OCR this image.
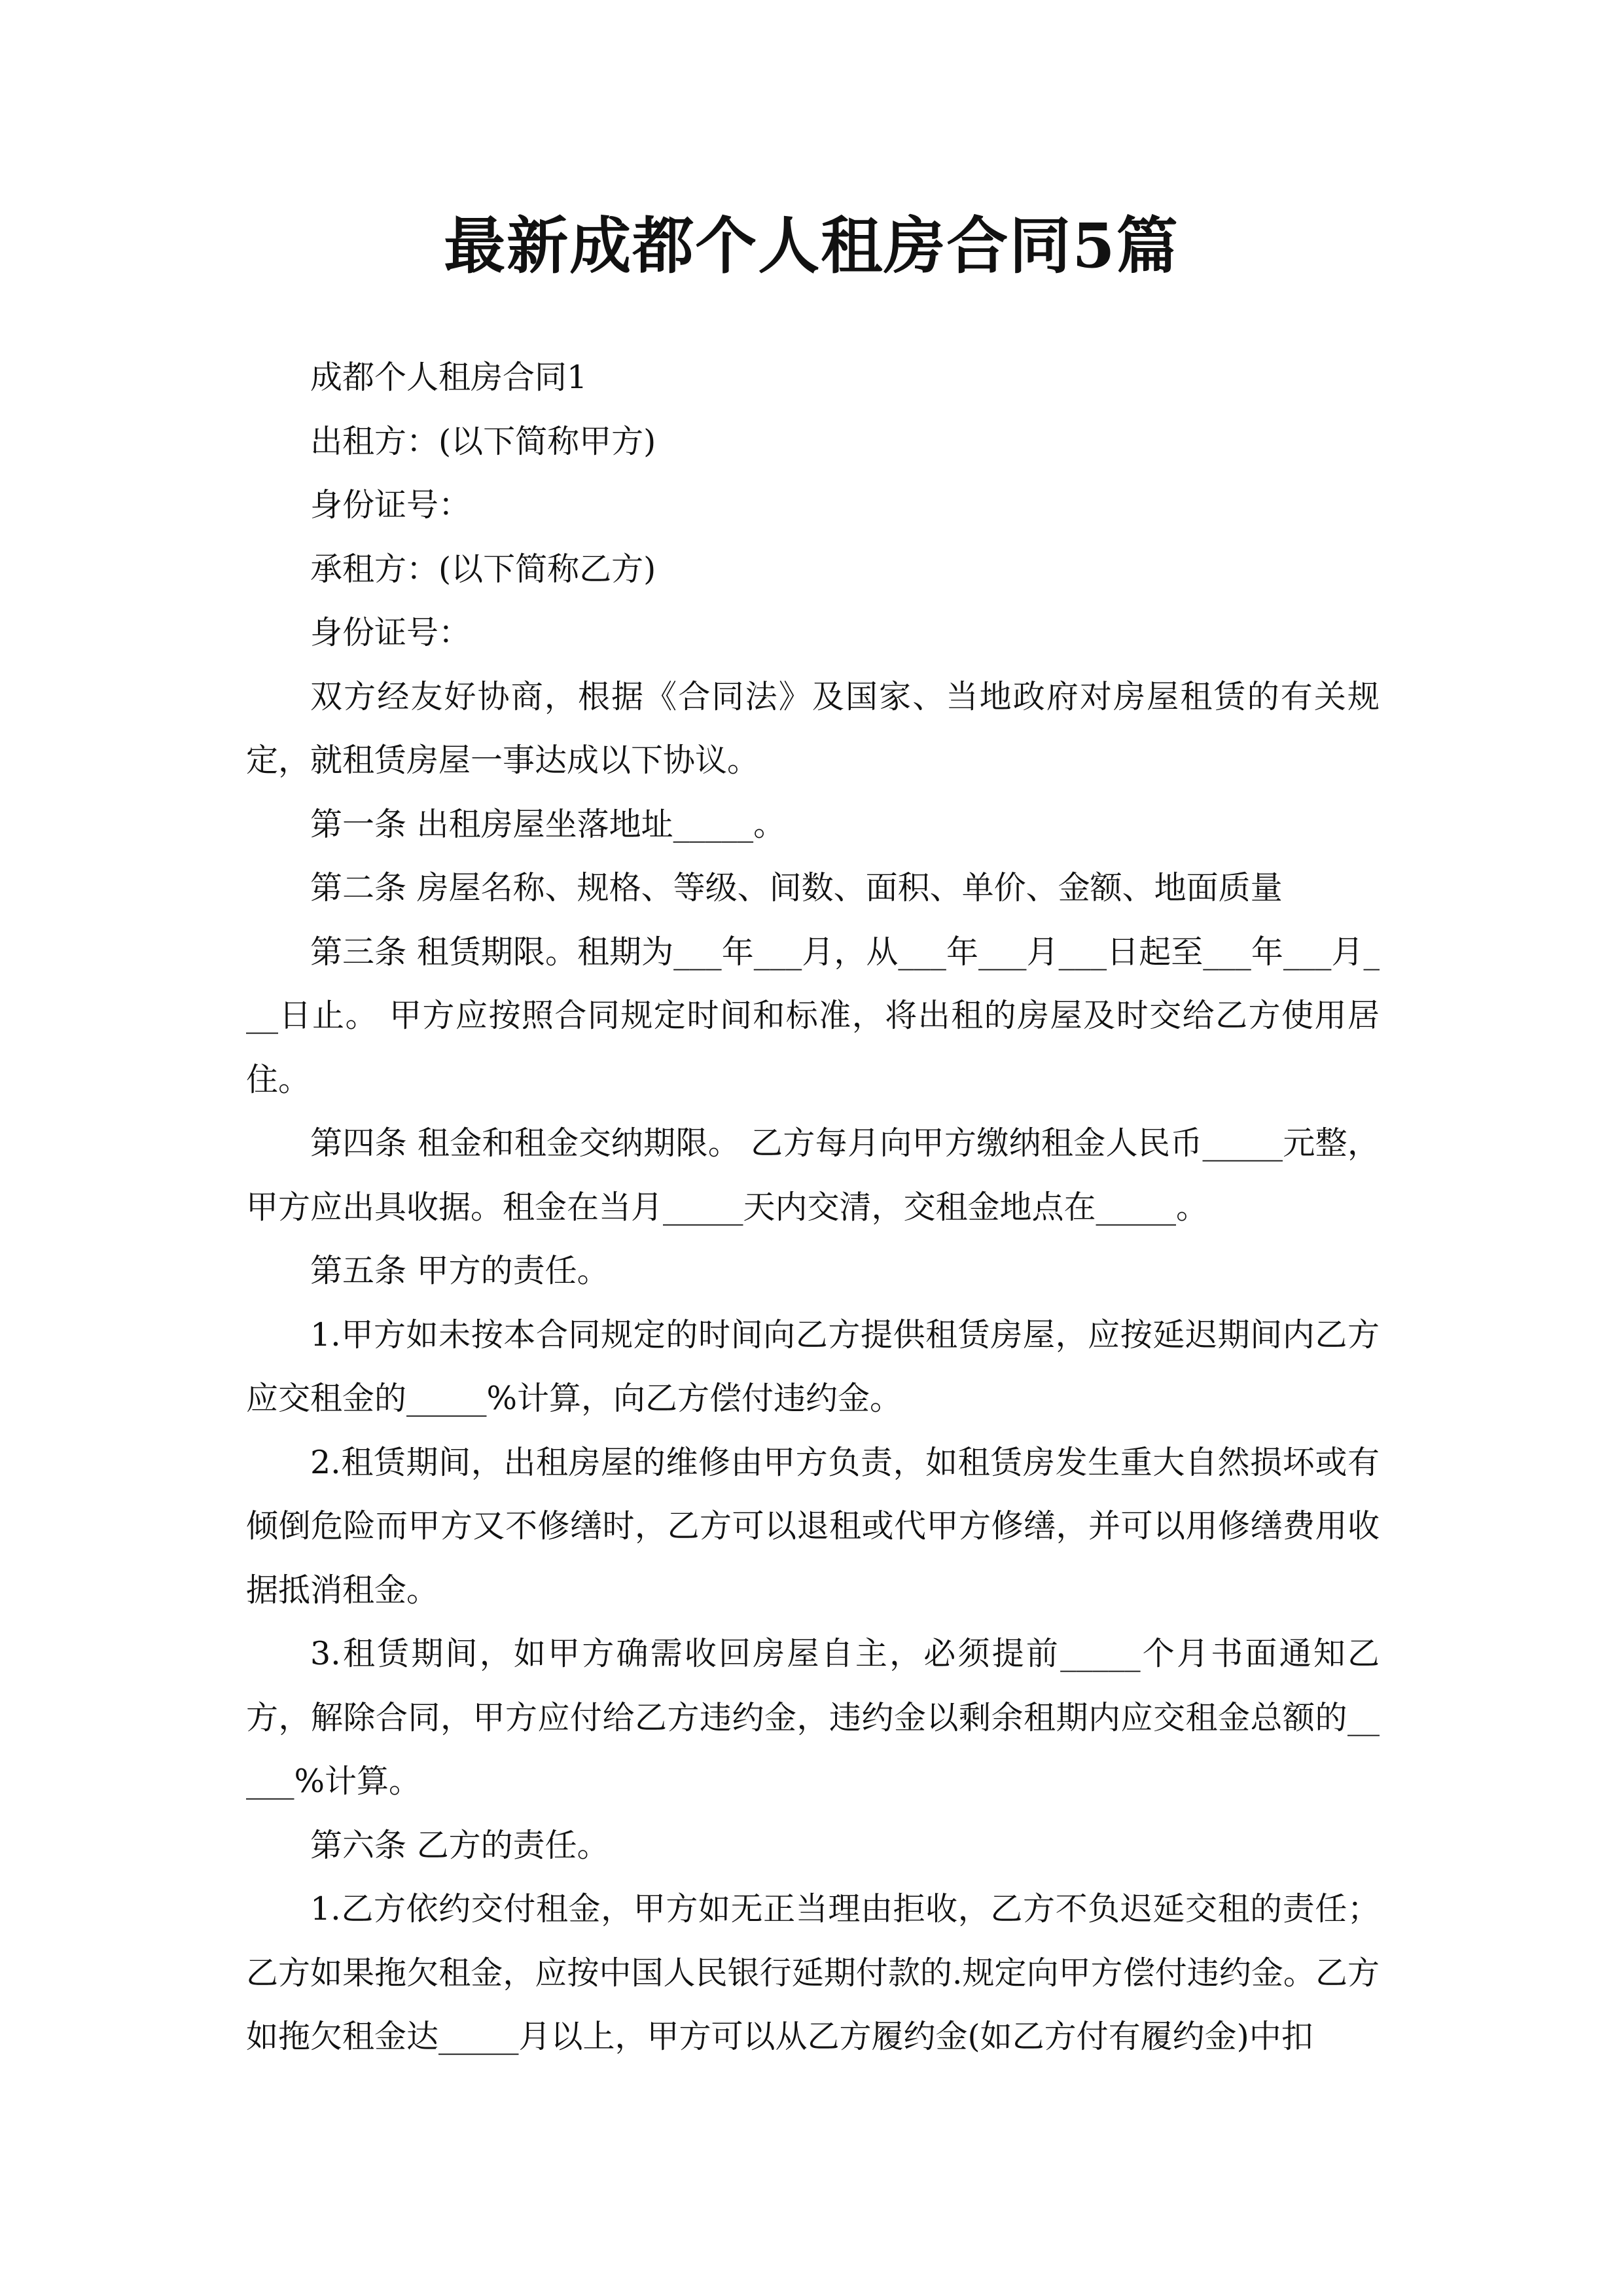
最新成都个人租房合同5篇

成都个人租房合同1

出租方：(以下简称甲方)

身份证号：

承租方：(以下简称乙方)

身份证号：

双方经友好协商，根据《合同法》及国家、当地政府对房屋租赁的有关规定，就租赁房屋一事达成以下协议。

第一条 出租房屋坐落地址_____。

第二条 房屋名称、规格、等级、间数、面积、单价、金额、地面质量

第三条 租赁期限。租期为___年___月，从___年___月___日起至___年___月___日止。 甲方应按照合同规定时间和标准，将出租的房屋及时交给乙方使用居住。

第四条 租金和租金交纳期限。 乙方每月向甲方缴纳租金人民币_____元整，甲方应出具收据。租金在当月_____天内交清，交租金地点在_____。

第五条 甲方的责任。

1.甲方如未按本合同规定的时间向乙方提供租赁房屋，应按延迟期间内乙方应交租金的_____%计算，向乙方偿付违约金。

2.租赁期间，出租房屋的维修由甲方负责，如租赁房发生重大自然损坏或有倾倒危险而甲方又不修缮时，乙方可以退租或代甲方修缮，并可以用修缮费用收据抵消租金。

3.租赁期间，如甲方确需收回房屋自主，必须提前_____个月书面通知乙方，解除合同，甲方应付给乙方违约金，违约金以剩余租期内应交租金总额的_____%计算。

第六条 乙方的责任。

1.乙方依约交付租金，甲方如无正当理由拒收，乙方不负迟延交租的责任；乙方如果拖欠租金，应按中国人民银行延期付款的.规定向甲方偿付违约金。乙方如拖欠租金达_____月以上，甲方可以从乙方履约金(如乙方付有履约金)中扣
